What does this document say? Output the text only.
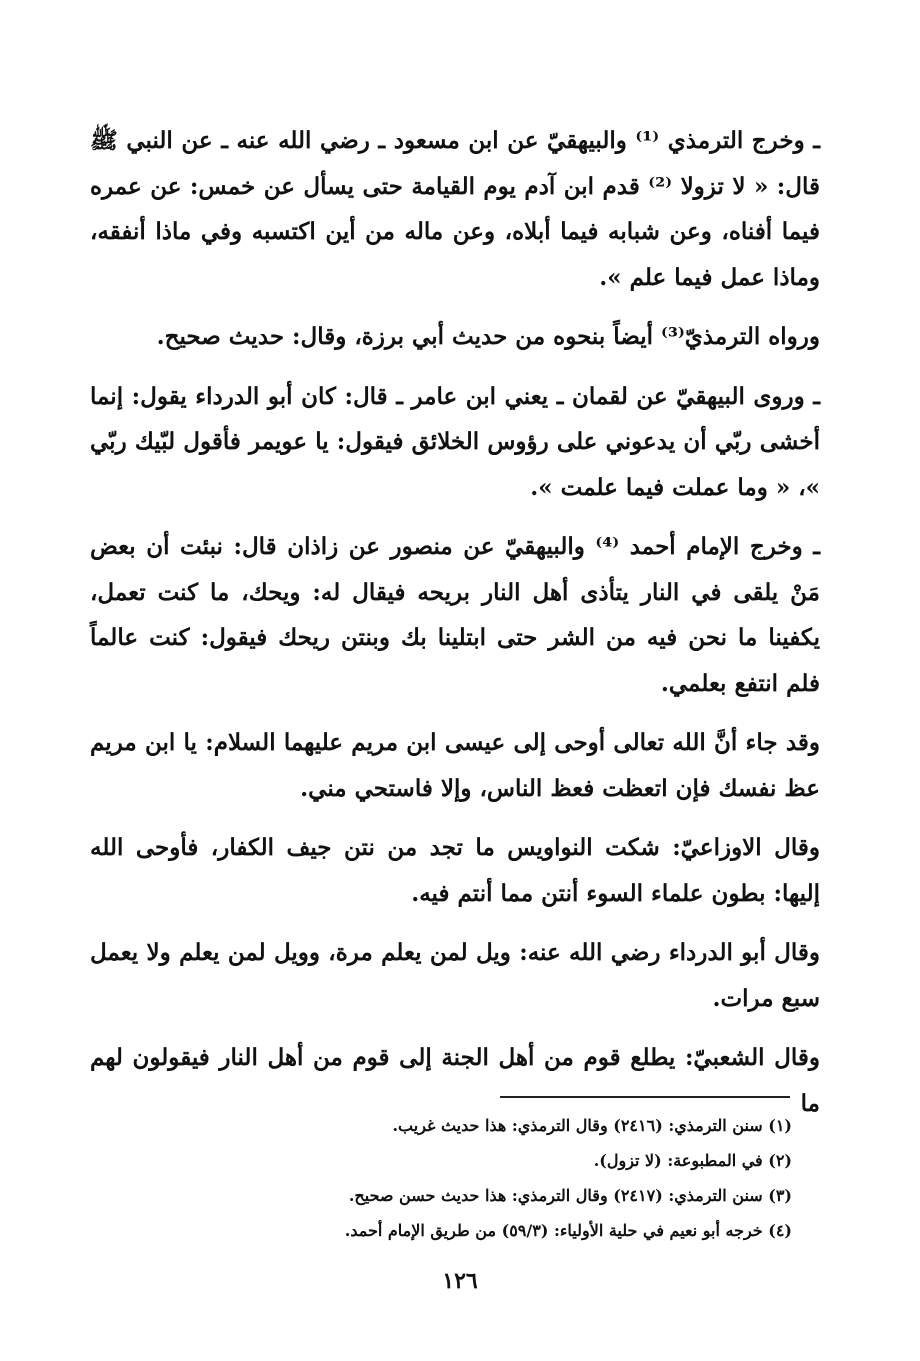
ـ وخرج الترمذي ⁽¹⁾ والبيهقيّ عن ابن مسعود ـ رضي الله عنه ـ عن النبي ﷺ قال: « لا تزولا ⁽²⁾ قدم ابن آدم يوم القيامة حتى يسأل عن خمس: عن عمره فيما أفناه، وعن شبابه فيما أبلاه، وعن ماله من أين اكتسبه وفي ماذا أنفقه، وماذا عمل فيما علم ».

ورواه الترمذيّ⁽³⁾ أيضاً بنحوه من حديث أبي برزة، وقال: حديث صحيح.

ـ وروى البيهقيّ عن لقمان ـ يعني ابن عامر ـ قال: كان أبو الدرداء يقول: إنما أخشى ربّي أن يدعوني على رؤوس الخلائق فيقول: يا عويمر فأقول لبّيك ربّي »، « وما عملت فيما علمت ».

ـ وخرج الإمام أحمد ⁽⁴⁾ والبيهقيّ عن منصور عن زاذان قال: نبئت أن بعض مَنْ يلقى في النار يتأذى أهل النار بريحه فيقال له: ويحك، ما كنت تعمل، يكفينا ما نحن فيه من الشر حتى ابتلينا بك وبنتن ريحك فيقول: كنت عالماً فلم انتفع بعلمي.

وقد جاء أنَّ الله تعالى أوحى إلى عيسى ابن مريم عليهما السلام: يا ابن مريم عظ نفسك فإن اتعظت فعظ الناس، وإلا فاستحي مني.

وقال الاوزاعيّ: شكت النواويس ما تجد من نتن جيف الكفار، فأوحى الله إليها: بطون علماء السوء أنتن مما أنتم فيه.

وقال أبو الدرداء رضي الله عنه: ويل لمن يعلم مرة، وويل لمن يعلم ولا يعمل سبع مرات.

وقال الشعبيّ: يطلع قوم من أهل الجنة إلى قوم من أهل النار فيقولون لهم ما

(١) سنن الترمذي: (٢٤١٦) وقال الترمذي: هذا حديث غريب.
(٢) في المطبوعة: (لا تزول).
(٣) سنن الترمذي: (٢٤١٧) وقال الترمذي: هذا حديث حسن صحيح.
(٤) خرجه أبو نعيم في حلية الأولياء: (٥٩/٣) من طريق الإمام أحمد.
١٢٦
